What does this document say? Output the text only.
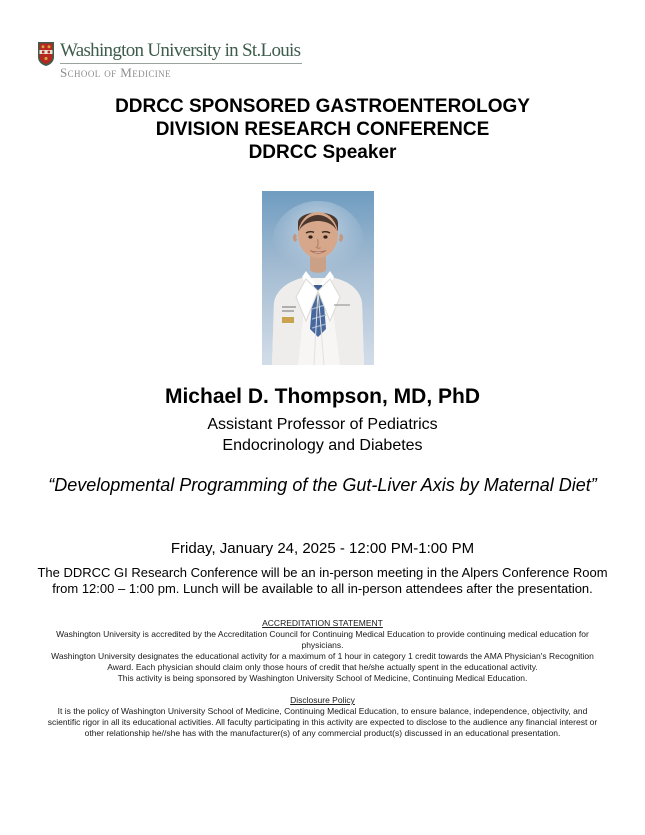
Washington University in St.Louis
School of Medicine
DDRCC SPONSORED GASTROENTEROLOGY
DIVISION RESEARCH CONFERENCE
DDRCC Speaker
Michael D. Thompson, MD, PhD
Assistant Professor of Pediatrics
Endocrinology and Diabetes
“Developmental Programming of the Gut-Liver Axis by Maternal Diet”
Friday, January 24, 2025 - 12:00 PM-1:00 PM
The DDRCC GI Research Conference will be an in-person meeting in the Alpers Conference Room from 12:00 – 1:00 pm. Lunch will be available to all in-person attendees after the presentation.
ACCREDITATION STATEMENT
Washington University is accredited by the Accreditation Council for Continuing Medical Education to provide continuing medical education for physicians.
Washington University designates the educational activity for a maximum of 1 hour in category 1 credit towards the AMA Physician's Recognition Award. Each physician should claim only those hours of credit that he/she actually spent in the educational activity.
This activity is being sponsored by Washington University School of Medicine, Continuing Medical Education.
Disclosure Policy
It is the policy of Washington University School of Medicine, Continuing Medical Education, to ensure balance, independence, objectivity, and scientific rigor in all its educational activities. All faculty participating in this activity are expected to disclose to the audience any financial interest or other relationship he//she has with the manufacturer(s) of any commercial product(s) discussed in an educational presentation.
